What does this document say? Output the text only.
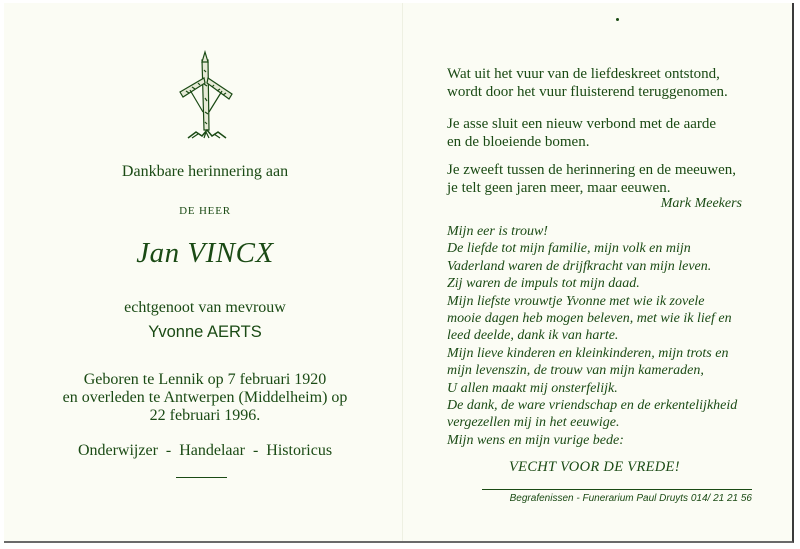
Dankbare herinnering aan
DE HEER
Jan VINCX
echtgenoot van mevrouw
Yvonne AERTS
Geboren te Lennik op 7 februari 1920
en overleden te Antwerpen (Middelheim) op
22 februari 1996.
Onderwijzer  -  Handelaar  -  Historicus
Wat uit het vuur van de liefdeskreet ontstond,
wordt door het vuur fluisterend teruggenomen.
Je asse sluit een nieuw verbond met de aarde
en de bloeiende bomen.
Je zweeft tussen de herinnering en de meeuwen,
je telt geen jaren meer, maar eeuwen.
Mark Meekers
Mijn eer is trouw!
De liefde tot mijn familie, mijn volk en mijn
Vaderland waren de drijfkracht van mijn leven.
Zij waren de impuls tot mijn daad.
Mijn liefste vrouwtje Yvonne met wie ik zovele
mooie dagen heb mogen beleven, met wie ik lief en
leed deelde, dank ik van harte.
Mijn lieve kinderen en kleinkinderen, mijn trots en
mijn levenszin, de trouw van mijn kameraden,
U allen maakt mij onsterfelijk.
De dank, de ware vriendschap en de erkentelijkheid
vergezellen mij in het eeuwige.
Mijn wens en mijn vurige bede:
VECHT VOOR DE VREDE!
Begrafenissen - Funerarium Paul Druyts 014/ 21 21 56
